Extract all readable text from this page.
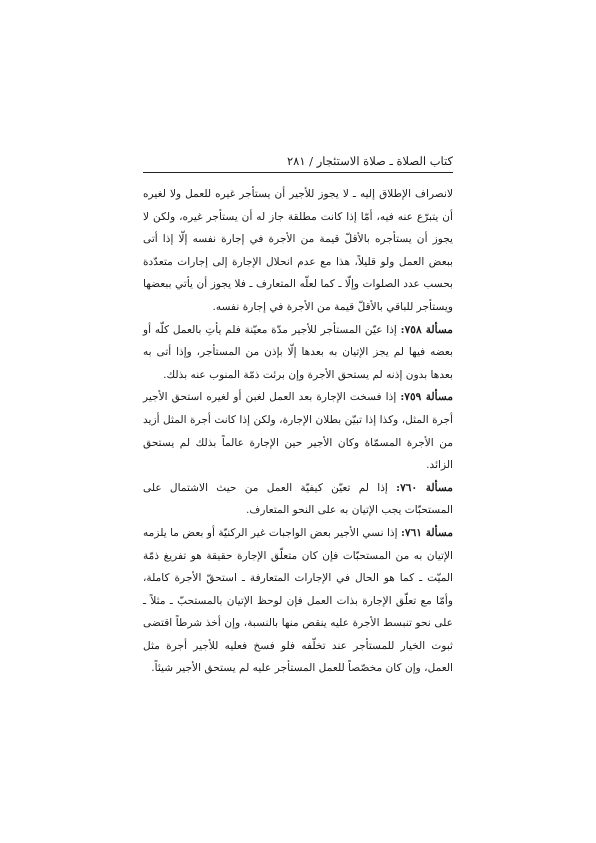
كتاب الصلاة ـ صلاة الاستئجار / ٢٨١

لانصراف الإطلاق إليه ـ لا يجوز للأجير أن يستأجر غيره للعمل ولا لغيره أن يتبرّع عنه فيه، أمّا إذا كانت مطلقة جاز له أن يستأجر غيره، ولكن لا يجوز أن يستأجره بالأقلّ قيمة من الأجرة في إجارة نفسه إلّا إذا أتى ببعض العمل ولو قليلاً، هذا مع عدم انحلال الإجارة إلى إجارات متعدّدة بحسب عدد الصلوات وإلّا ـ كما لعلّه المتعارف ـ فلا يجوز أن يأتي ببعضها ويستأجر للباقي بالأقلّ قيمة من الأجرة في إجارة نفسه.

مسألة ٧٥٨: إذا عيّن المستأجر للأجير مدّة معيّنة فلم يأتِ بالعمل كلّه أو بعضه فيها لم يجز الإتيان به بعدها إلّا بإذن من المستأجر، وإذا أتى به بعدها بدون إذنه لم يستحق الأجرة وإن برئت ذمّة المنوب عنه بذلك.

مسألة ٧٥٩: إذا فسخت الإجارة بعد العمل لغبن أو لغيره استحق الأجير أجرة المثل، وكذا إذا تبيّن بطلان الإجارة، ولكن إذا كانت أجرة المثل أزيد من الأجرة المسمّاة وكان الأجير حين الإجارة عالماً بذلك لم يستحق الزائد.

مسألة ٧٦٠: إذا لم تعيّن كيفيّة العمل من حيث الاشتمال على المستحبّات يجب الإتيان به على النحو المتعارف.

مسألة ٧٦١: إذا نسي الأجير بعض الواجبات غير الركنيّة أو بعض ما يلزمه الإتيان به من المستحبّات فإن كان متعلّق الإجارة حقيقة هو تفريغ ذمّة الميّت ـ كما هو الحال في الإجارات المتعارفة ـ استحقّ الأجرة كاملة، وأمّا مع تعلّق الإجارة بذات العمل فإن لوحظ الإتيان بالمستحبّ ـ مثلاً ـ على نحو تنبسط الأجرة عليه ينقص منها بالنسبة، وإن أخذ شرطاً اقتضى ثبوت الخيار للمستأجر عند تخلّفه فلو فسخ فعليه للأجير أجرة مثل العمل، وإن كان مخصّصاً للعمل المستأجر عليه لم يستحق الأجير شيئاً.
